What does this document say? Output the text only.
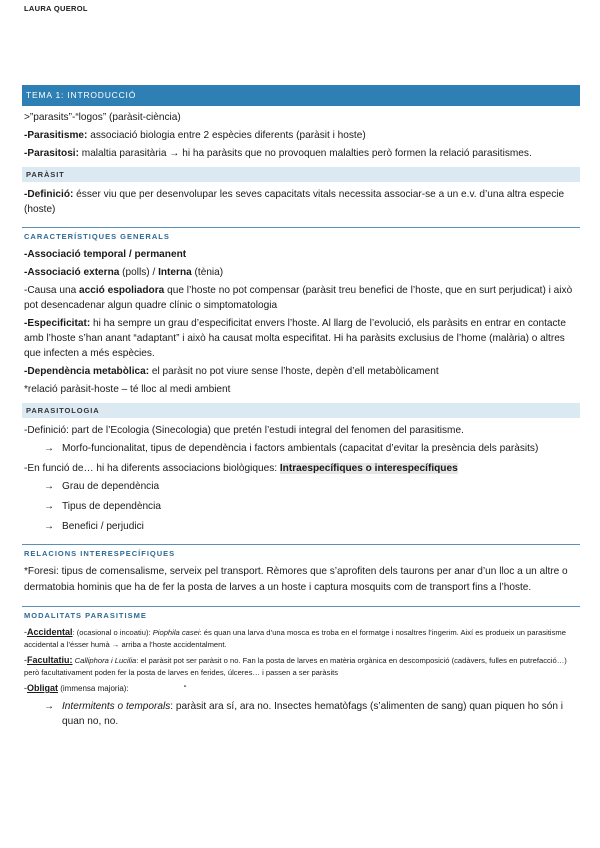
LAURA QUEROL
TEMA 1: INTRODUCCIÓ

>”parasits”-“logos” (paràsit-ciència)

-Parasitisme: associació biologia entre 2 espècies diferents (paràsit i hoste)

-Parasitosi: malaltia parasitària → hi ha paràsits que no provoquen malalties però formen la relació parasitismes.

PARÀSIT

-Definició: ésser viu que per desenvolupar les seves capacitats vitals necessita associar-se a un e.v. d’una altra especie (hoste)

CARACTERÍSTIQUES GENERALS

-Associació temporal / permanent

-Associació externa (polls) / Interna (tènia)

-Causa una acció espoliadora que l’hoste no pot compensar (paràsit treu benefici de l’hoste, que en surt perjudicat) i això pot desencadenar algun quadre clínic o simptomatologia

-Especificitat: hi ha sempre un grau d’especificitat envers l’hoste. Al llarg de l’evolució, els paràsits en entrar en contacte amb l’hoste s’han anant “adaptant” i això ha causat molta especifitat. Hi ha paràsits exclusius de l’home (malària) o altres que infecten a més espècies.

-Dependència metabòlica: el paràsit no pot viure sense l’hoste, depèn d’ell metabòlicament

*relació paràsit-hoste – té lloc al medi ambient

PARASITOLOGIA

-Definició: part de l’Ecologia (Sinecologia) que pretén l’estudi integral del fenomen del parasitisme.

→ Morfo-funcionalitat, tipus de dependència i factors ambientals (capacitat d’evitar la presència dels paràsits)

-En funció de… hi ha diferents associacions biològiques: Intraespecífiques o interespecífiques

→ Grau de dependència
→ Tipus de dependència
→ Benefici / perjudici
RELACIONS INTERESPECÍFIQUES

*Foresi: tipus de comensalisme, serveix pel transport. Rèmores que s’aprofiten dels taurons per anar d’un lloc a un altre o dermatobia hominis que ha de fer la posta de larves a un hoste i captura mosquits com de transport fins a l’hoste.

MODALITATS PARASITISME

-Accidental: (ocasional o incoatiu): Piophila casei: és quan una larva d’una mosca es troba en el formatge i nosaltres l’ingerim. Així es produeix un parasitisme accidental a l’ésser humà → arriba a l’hoste accidentalment.

-Facultatiu: Calliphora i Lucilia: el paràsit pot ser paràsit o no. Fan la posta de larves en matèria orgànica en descomposició (cadàvers, fulles en putrefacció…) però facultativament poden fer la posta de larves en ferides, úlceres… i passen a ser paràsits

-Obligat (immensa majoria):	“

→ Intermitents o temporals: paràsit ara sí, ara no. Insectes hematòfags (s’alimenten de sang) quan piquen ho són i quan no, no.
